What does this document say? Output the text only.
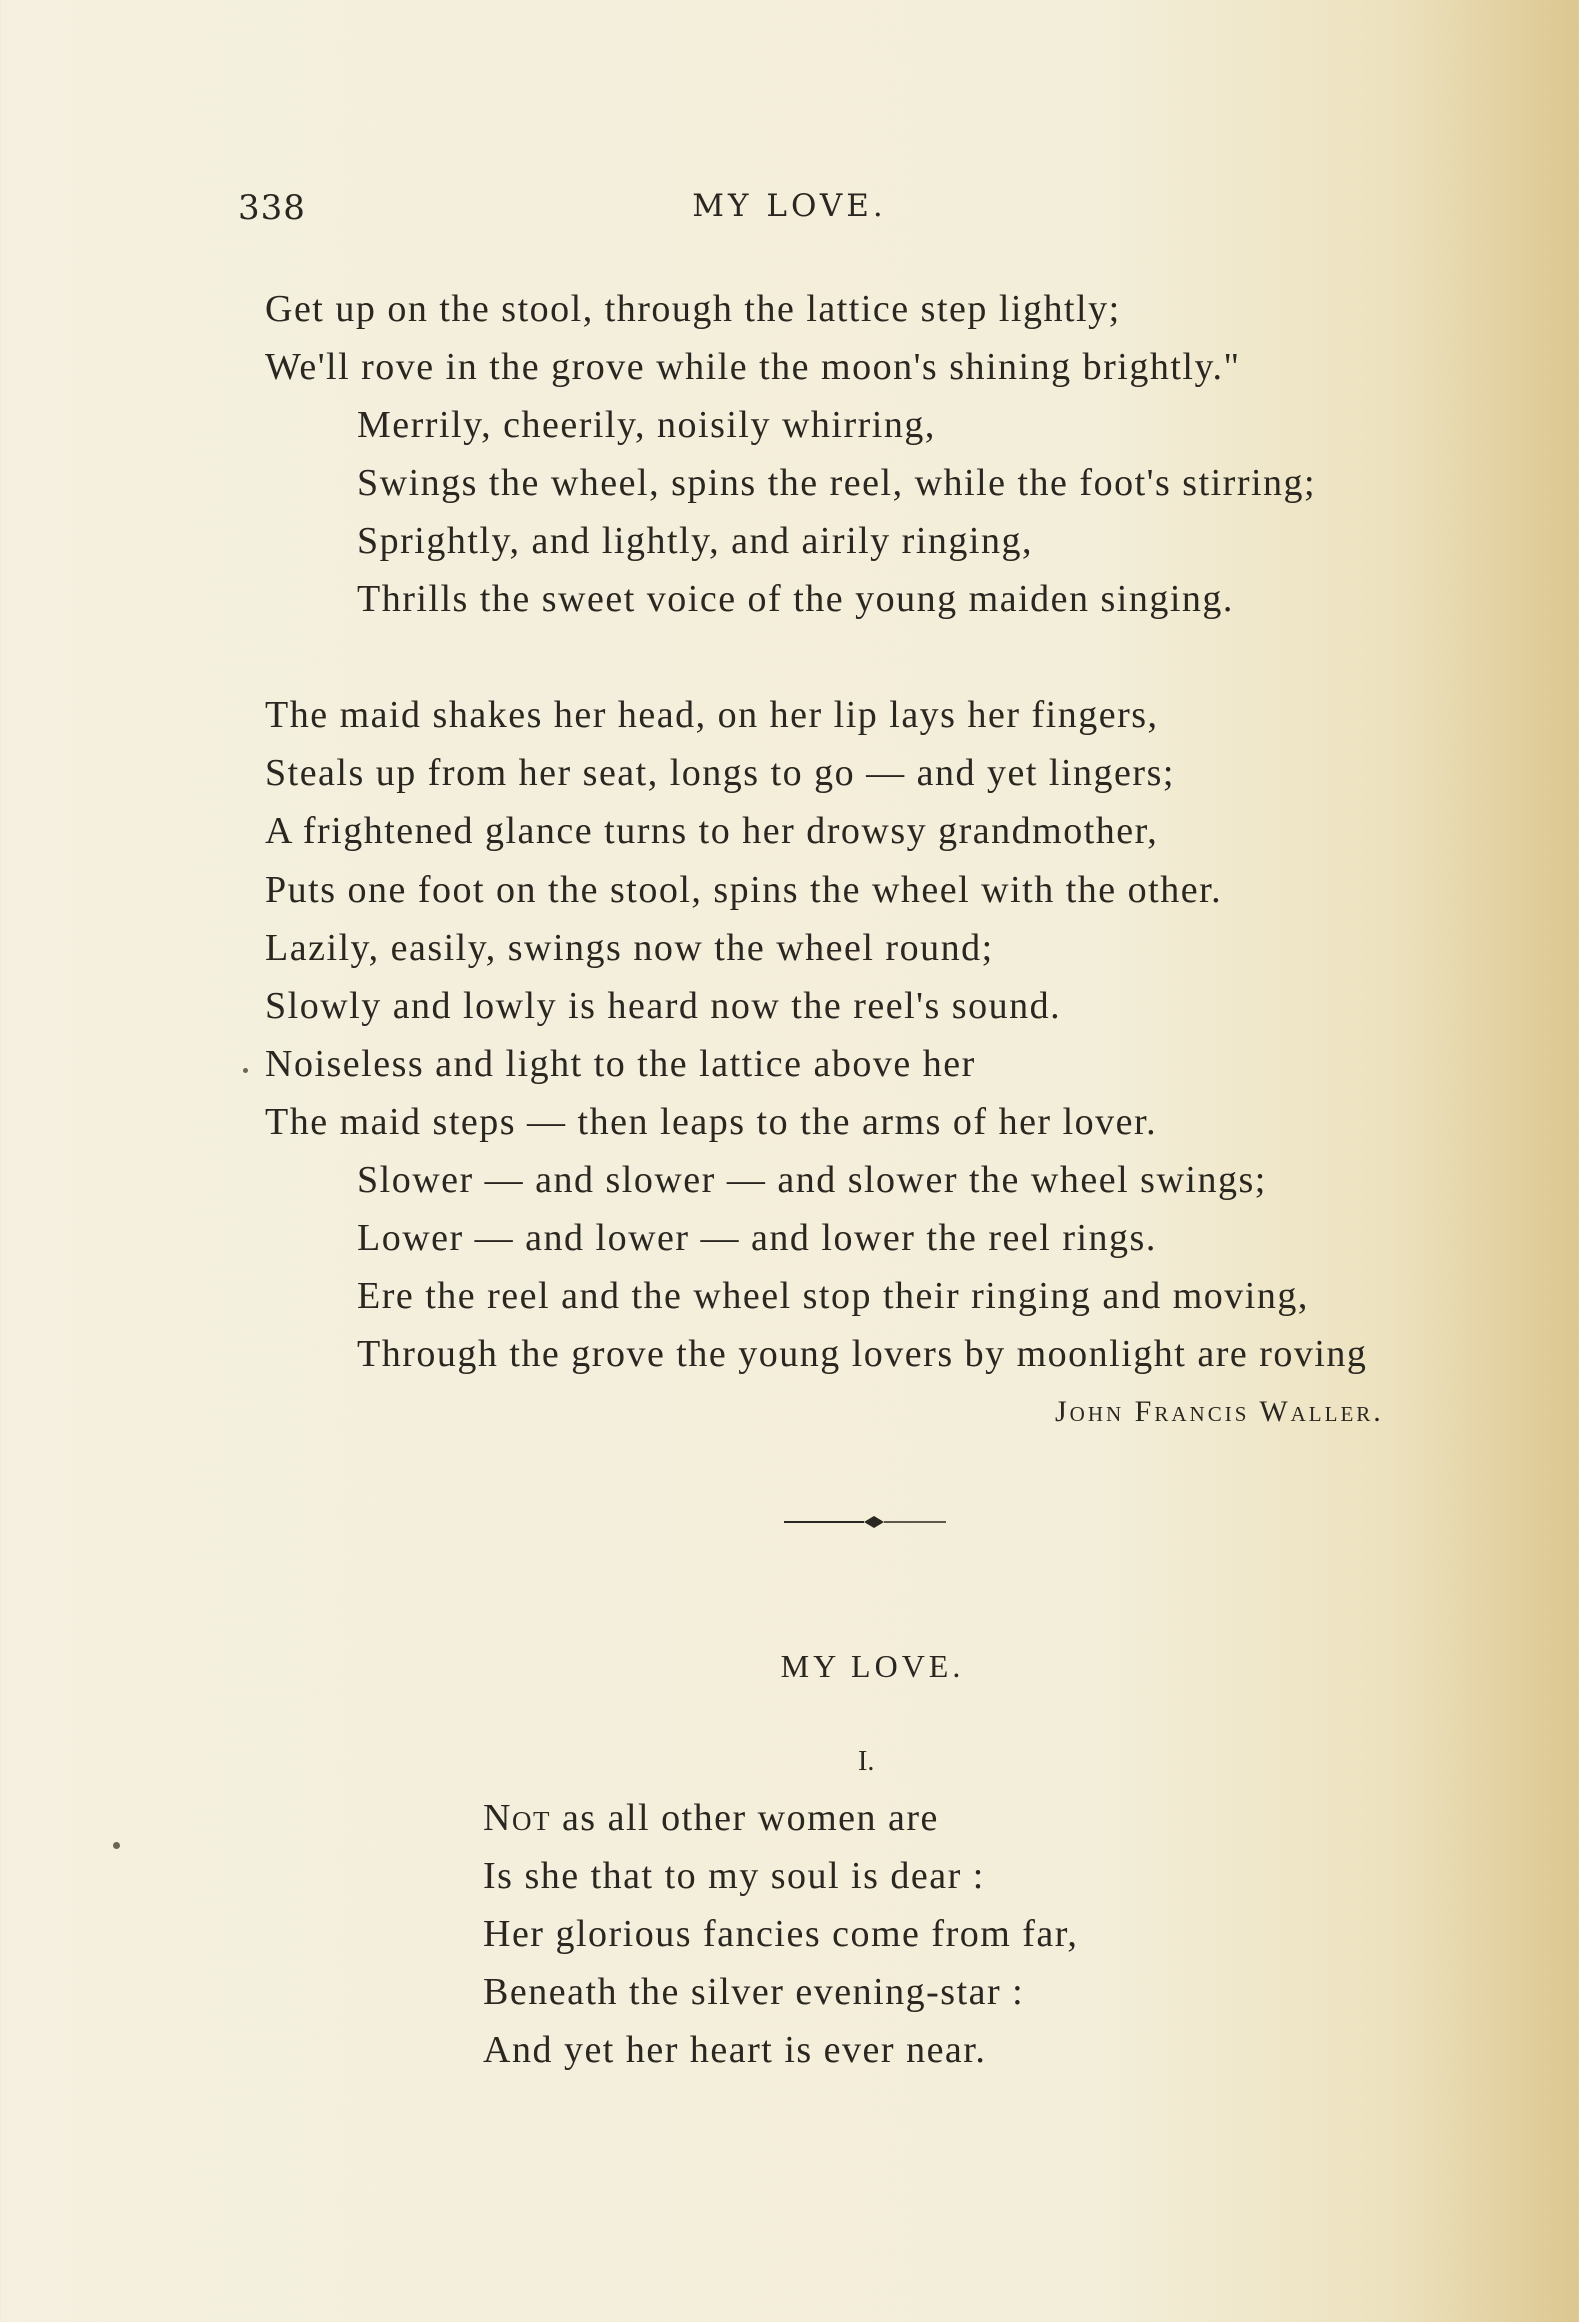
338	MY LOVE.
Get up on the stool, through the lattice step lightly;
We'll rove in the grove while the moon's shining brightly."
Merrily, cheerily, noisily whirring,
Swings the wheel, spins the reel, while the foot's stirring;
Sprightly, and lightly, and airily ringing,
Thrills the sweet voice of the young maiden singing.
The maid shakes her head, on her lip lays her fingers,
Steals up from her seat, longs to go — and yet lingers;
A frightened glance turns to her drowsy grandmother,
Puts one foot on the stool, spins the wheel with the other.
Lazily, easily, swings now the wheel round;
Slowly and lowly is heard now the reel's sound.
Noiseless and light to the lattice above her
The maid steps — then leaps to the arms of her lover.
Slower — and slower — and slower the wheel swings;
Lower — and lower — and lower the reel rings.
Ere the reel and the wheel stop their ringing and moving,
Through the grove the young lovers by moonlight are roving
John Francis Waller.
MY LOVE.
I.
Not as all other women are
Is she that to my soul is dear :
Her glorious fancies come from far,
Beneath the silver evening-star :
And yet her heart is ever near.
